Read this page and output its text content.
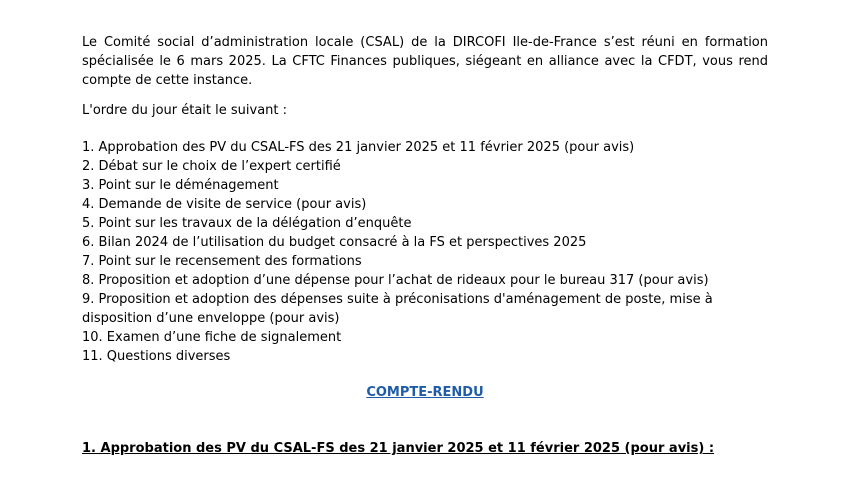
Le Comité social d’administration locale (CSAL) de la DIRCOFI Ile-de-France s’est réuni en formation spécialisée le 6 mars 2025. La CFTC Finances publiques, siégeant en alliance avec la CFDT, vous rend compte de cette instance.

L'ordre du jour était le suivant :

1. Approbation des PV du CSAL-FS des 21 janvier 2025 et 11 février 2025 (pour avis)
2. Débat sur le choix de l’expert certifié
3. Point sur le déménagement
4. Demande de visite de service (pour avis)
5. Point sur les travaux de la délégation d’enquête
6. Bilan 2024 de l’utilisation du budget consacré à la FS et perspectives 2025
7. Point sur le recensement des formations
8. Proposition et adoption d’une dépense pour l’achat de rideaux pour le bureau 317 (pour avis)
9. Proposition et adoption des dépenses suite à préconisations d'aménagement de poste, mise à disposition d’une enveloppe (pour avis)
10. Examen d’une fiche de signalement
11. Questions diverses

COMPTE-RENDU

1. Approbation des PV du CSAL-FS des 21 janvier 2025 et 11 février 2025 (pour avis) :
